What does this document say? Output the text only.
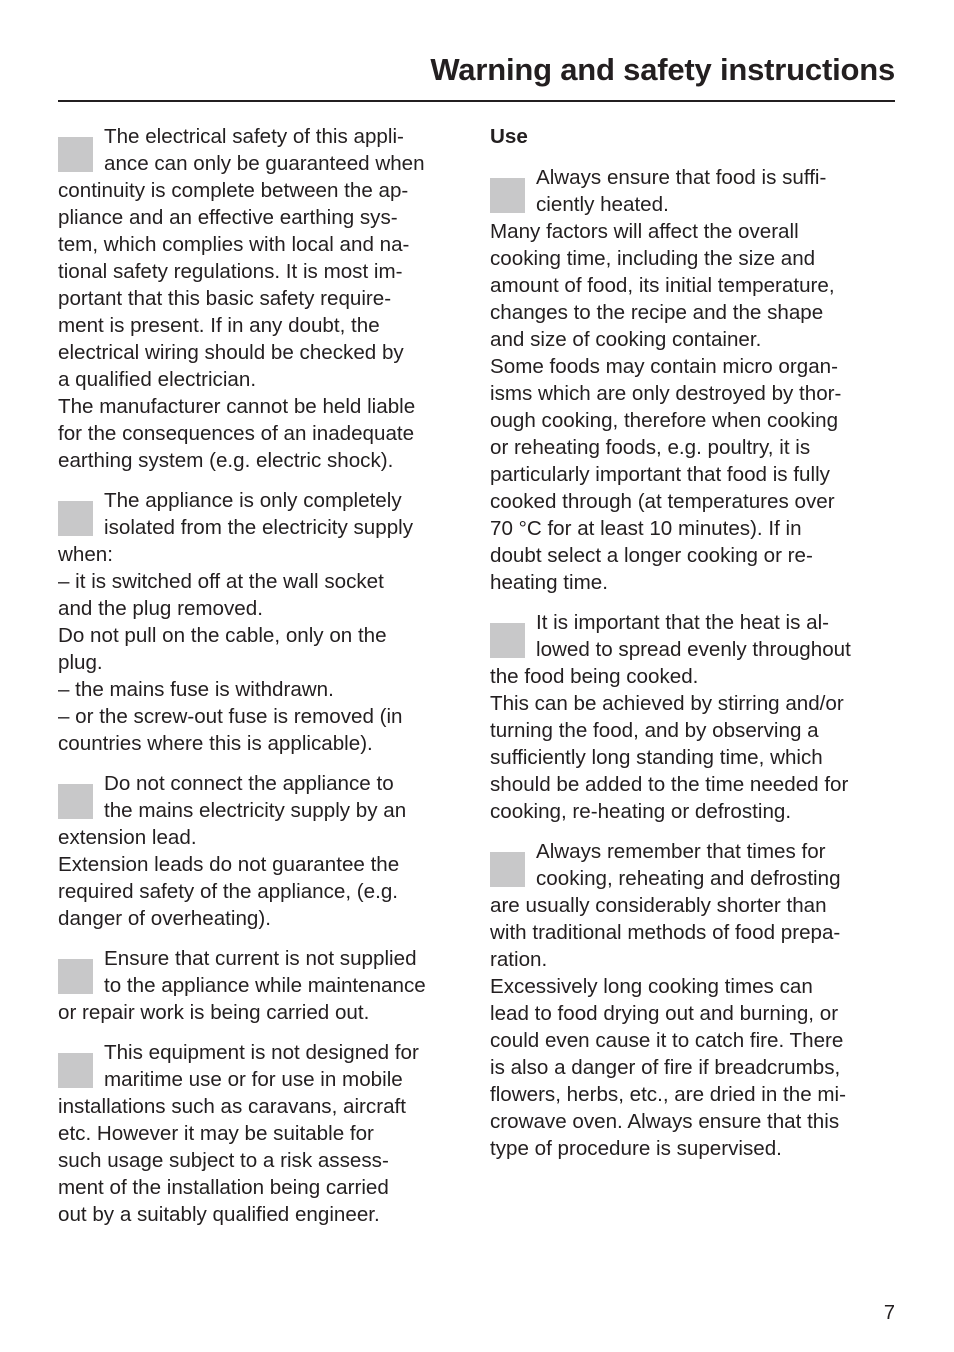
Warning and safety instructions
The electrical safety of this appli-
ance can only be guaranteed when
continuity is complete between the ap-
pliance and an effective earthing sys-
tem, which complies with local and na-
tional safety regulations. It is most im-
portant that this basic safety require-
ment is present. If in any doubt, the
electrical wiring should be checked by
a qualified electrician.
The manufacturer cannot be held liable
for the consequences of an inadequate
earthing system (e.g. electric shock).
The appliance is only completely
isolated from the electricity supply
when:
– it is switched off at the wall socket
and the plug removed.
Do not pull on the cable, only on the
plug.
– the mains fuse is withdrawn.
– or the screw-out fuse is removed (in
countries where this is applicable).
Do not connect the appliance to
the mains electricity supply by an
extension lead.
Extension leads do not guarantee the
required safety of the appliance, (e.g.
danger of overheating).
Ensure that current is not supplied
to the appliance while maintenance
or repair work is being carried out.
This equipment is not designed for
maritime use or for use in mobile
installations such as caravans, aircraft
etc. However it may be suitable for
such usage subject to a risk assess-
ment of the installation being carried
out by a suitably qualified engineer.
Use
Always ensure that food is suffi-
ciently heated.
Many factors will affect the overall
cooking time, including the size and
amount of food, its initial temperature,
changes to the recipe and the shape
and size of cooking container.
Some foods may contain micro organ-
isms which are only destroyed by thor-
ough cooking, therefore when cooking
or reheating foods, e.g. poultry, it is
particularly important that food is fully
cooked through (at temperatures over
70 °C for at least 10 minutes). If in
doubt select a longer cooking or re-
heating time.
It is important that the heat is al-
lowed to spread evenly throughout
the food being cooked.
This can be achieved by stirring and/or
turning the food, and by observing a
sufficiently long standing time, which
should be added to the time needed for
cooking, re-heating or defrosting.
Always remember that times for
cooking, reheating and defrosting
are usually considerably shorter than
with traditional methods of food prepa-
ration.
Excessively long cooking times can
lead to food drying out and burning, or
could even cause it to catch fire. There
is also a danger of fire if breadcrumbs,
flowers, herbs, etc., are dried in the mi-
crowave oven. Always ensure that this
type of procedure is supervised.
7
